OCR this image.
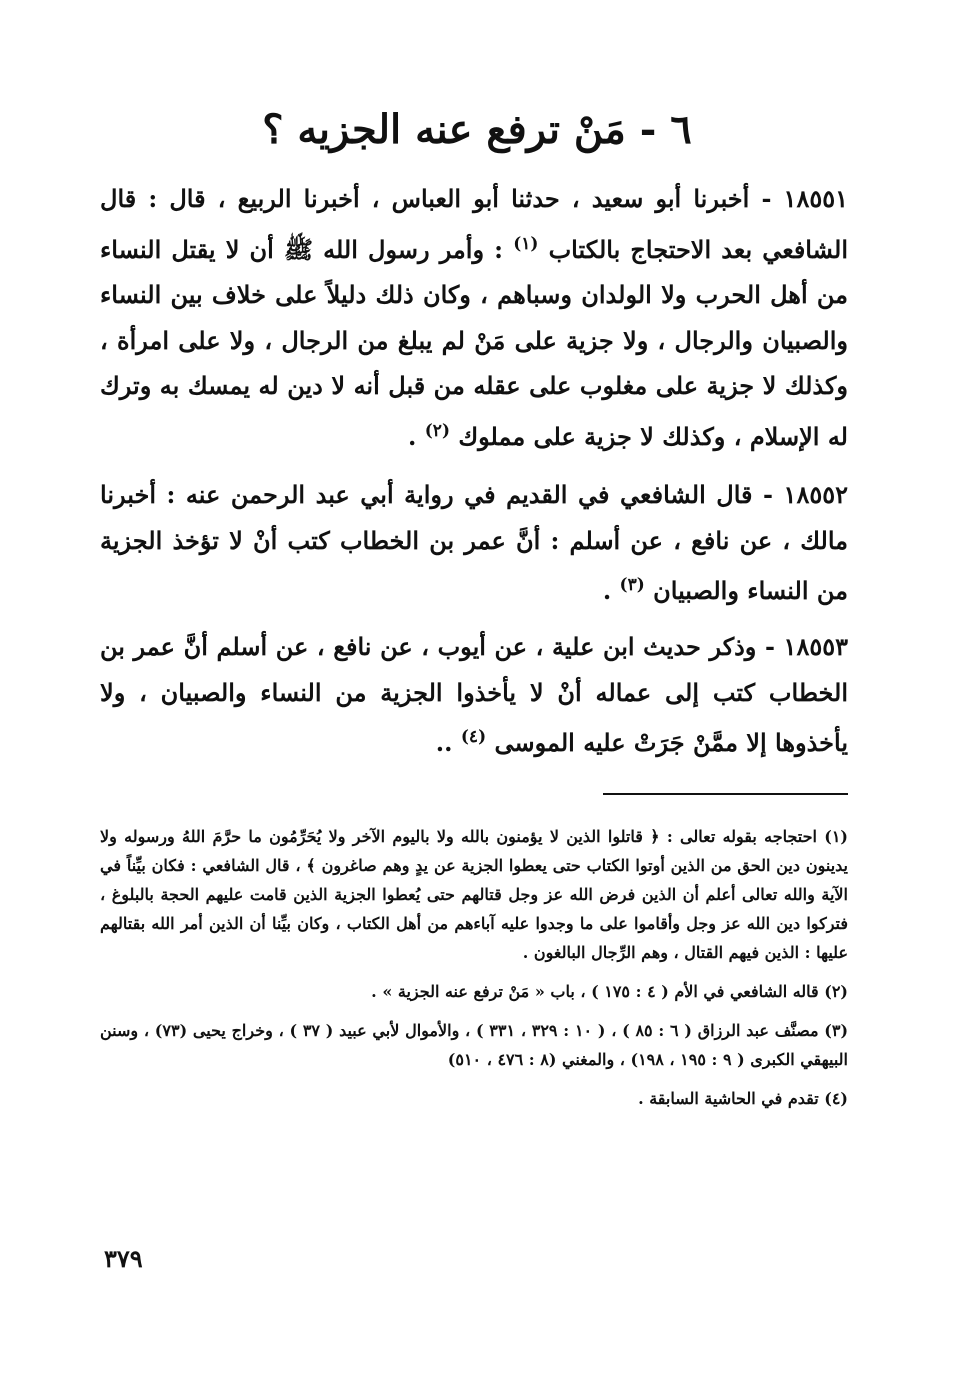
٦ - مَنْ ترفع عنه الجزيه ؟

١٨٥٥١ - أخبرنا أبو سعيد ، حدثنا أبو العباس ، أخبرنا الربيع ، قال : قال الشافعي بعد الاحتجاج بالكتاب $^{(١)}$ : وأمر رسول الله ﷺ أن لا يقتل النساء من أهل الحرب ولا الولدان وسباهم ، وكان ذلك دليلاً على خلاف بين النساء والصبيان والرجال ، ولا جزية على مَنْ لم يبلغ من الرجال ، ولا على امرأة ، وكذلك لا جزية على مغلوب على عقله من قبل أنه لا دين له يمسك به وترك له الإسلام ، وكذلك لا جزية على مملوك $^{(٢)}$ .

١٨٥٥٢ - قال الشافعي في القديم في رواية أبي عبد الرحمن عنه : أخبرنا مالك ، عن نافع ، عن أسلم : أنَّ عمر بن الخطاب كتب أنْ لا تؤخذ الجزية من النساء والصبيان $^{(٣)}$ .

١٨٥٥٣ - وذكر حديث ابن علية ، عن أيوب ، عن نافع ، عن أسلم أنَّ عمر بن الخطاب كتب إلى عماله أنْ لا يأخذوا الجزية من النساء والصبيان ، ولا يأخذوها إلا ممَّنْ جَرَتْ عليه الموسى $^{(٤)}$ ..

(١) احتجاجه بقوله تعالى : ﴿ قاتلوا الذين لا يؤمنون بالله ولا باليوم الآخر ولا يُحَرِّمُون ما حرَّمَ اللهُ ورسوله ولا يدينون دين الحق من الذين أوتوا الكتاب حتى يعطوا الجزية عن يدٍ وهم صاغرون ﴾ ، قال الشافعي : فكان بيِّناً في الآية والله تعالى أعلم أن الذين فرض الله عز وجل قتالهم حتى يُعطوا الجزية الذين قامت عليهم الحجة بالبلوغ ، فتركوا دين الله عز وجل وأقاموا على ما وجدوا عليه آباءهم من أهل الكتاب ، وكان بيِّنا أن الذين أمر الله بقتالهم عليها : الذين فيهم القتال ، وهم الرِّجال البالغون .

(٢) قاله الشافعي في الأم ( ٤ : ١٧٥ ) ، باب « مَنْ ترفع عنه الجزية » .

(٣) مصنَّف عبد الرزاق ( ٦ : ٨٥ ) ، ( ١٠ : ٣٢٩ ، ٣٣١ ) ، والأموال لأبي عبيد ( ٣٧ ) ، وخراج يحيى (٧٣) ، وسنن البيهقي الكبرى ( ٩ : ١٩٥ ، ١٩٨) ، والمغني (٨ : ٤٧٦ ، ٥١٠)

(٤) تقدم في الحاشية السابقة .

٣٧٩
